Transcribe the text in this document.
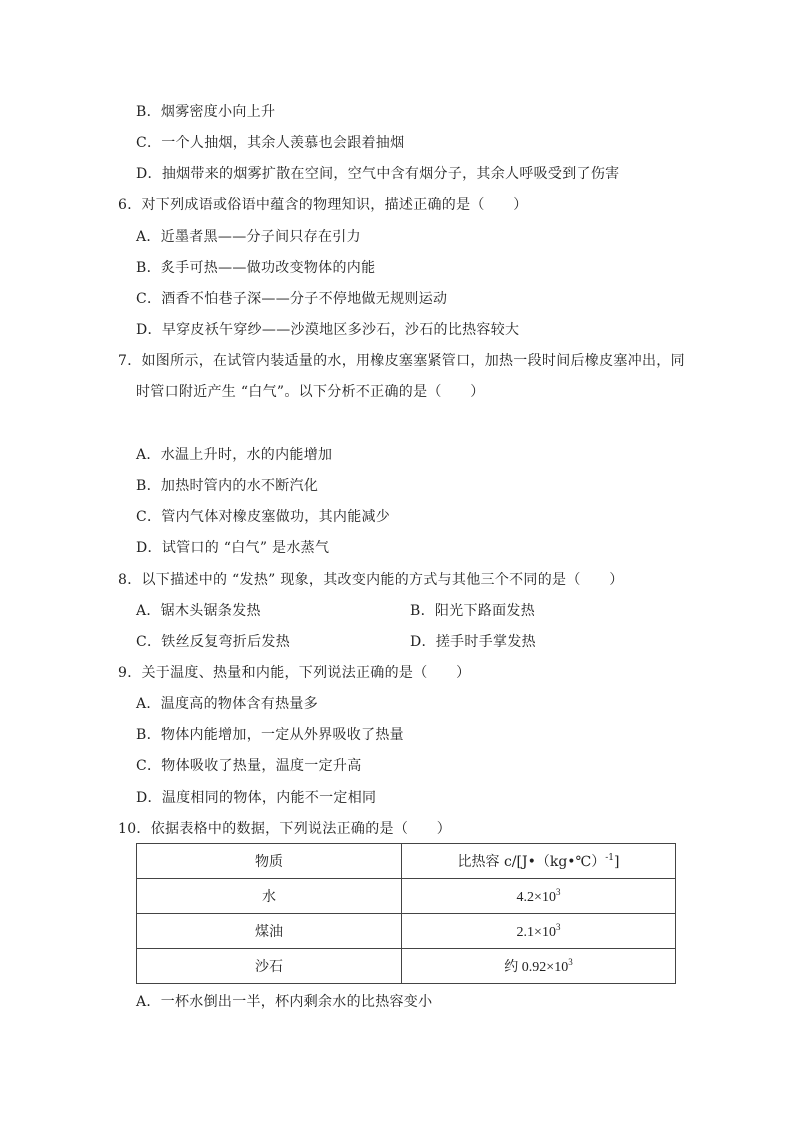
B．烟雾密度小向上升
C．一个人抽烟，其余人羡慕也会跟着抽烟
D．抽烟带来的烟雾扩散在空间，空气中含有烟分子，其余人呼吸受到了伤害
6．对下列成语或俗语中蕴含的物理知识，描述正确的是（　　）
A．近墨者黑——分子间只存在引力
B．炙手可热——做功改变物体的内能
C．酒香不怕巷子深——分子不停地做无规则运动
D．早穿皮袄午穿纱——沙漠地区多沙石，沙石的比热容较大
7．如图所示，在试管内装适量的水，用橡皮塞塞紧管口，加热一段时间后橡皮塞冲出，同
时管口附近产生 “白气”。以下分析不正确的是（　　）
A．水温上升时，水的内能增加
B．加热时管内的水不断汽化
C．管内气体对橡皮塞做功，其内能减少
D．试管口的 “白气” 是水蒸气
8．以下描述中的 “发热” 现象，其改变内能的方式与其他三个不同的是（　　）
A．锯木头锯条发热	B．阳光下路面发热
C．铁丝反复弯折后发热	D．搓手时手掌发热
9．关于温度、热量和内能，下列说法正确的是（　　）
A．温度高的物体含有热量多
B．物体内能增加，一定从外界吸收了热量
C．物体吸收了热量，温度一定升高
D．温度相同的物体，内能不一定相同
10．依据表格中的数据，下列说法正确的是（　　）
物质	比热容 c/[J•（kg•℃）$^{-1}$]
水	$4.2\times 10^3$
煤油	$2.1\times 10^3$
沙石	约 $0.92\times 10^3$
A．一杯水倒出一半，杯内剩余水的比热容变小
